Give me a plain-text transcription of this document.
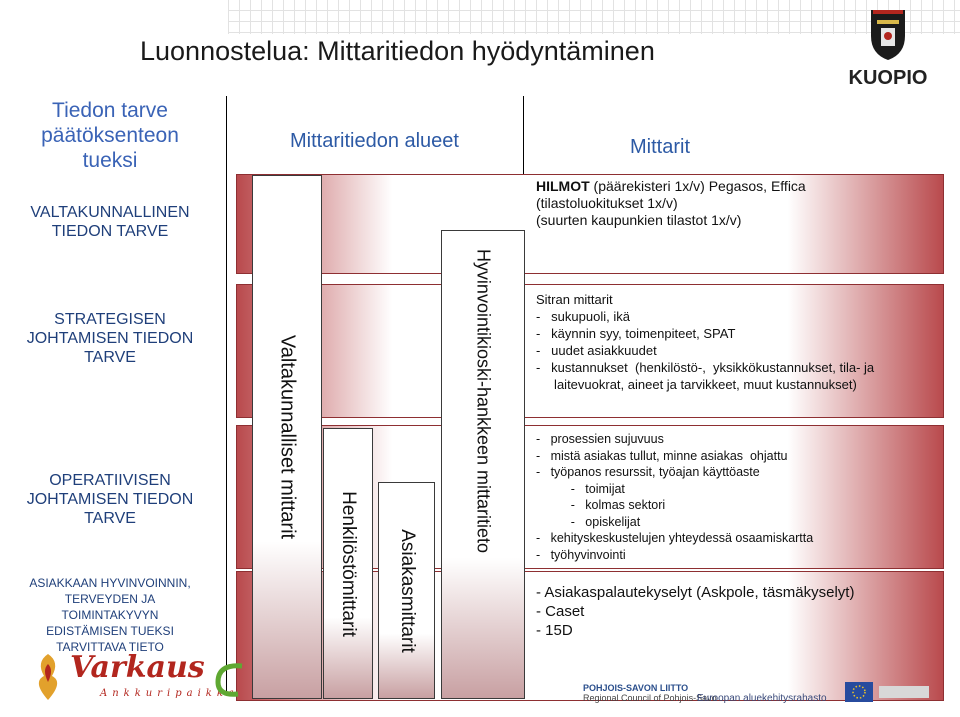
Luonnostelua: Mittaritiedon hyödyntäminen
KUOPIO
Tiedon tarve
päätöksenteon
tueksi
VALTAKUNNALLINEN
TIEDON TARVE
STRATEGISEN
JOHTAMISEN TIEDON
TARVE
OPERATIIVISEN
JOHTAMISEN TIEDON
TARVE
ASIAKKAAN HYVINVOINNIN,
TERVEYDEN JA
TOIMINTAKYVYN
EDISTÄMISEN TUEKSI
TARVITTAVA TIETO
Mittaritiedon alueet	Mittarit
Valtakunnalliset mittarit
Henkilöstömittarit Asiakasmittarit
Hyvinvointikioski-hankkeen mittaritieto
HILMOT (päärekisteri 1x/v) Pegasos, Effica
(tilastoluokitukset 1x/v)
(suurten kaupunkien tilastot 1x/v)
Sitran mittarit
-   sukupuoli, ikä
-   käynnin syy, toimenpiteet, SPAT
-   uudet asiakkuudet
-   kustannukset  (henkilöstö-,  yksikkökustannukset, tila- ja
laitevuokrat, aineet ja tarvikkeet, muut kustannukset)
-   prosessien sujuvuus
-   mistä asiakas tullut, minne asiakas  ohjattu
-   työpanos resurssit, työajan käyttöaste
-   toimijat
-   kolmas sektori
-   opiskelijat
-   kehityskeskustelujen yhteydessä osaamiskartta
-   työhyvinvointi
- Asiakaspalautekyselyt (Askpole, täsmäkyselyt)
- Caset
- 15D
Varkaus
Ankkuripaikka	POHJOIS-SAVON LIITTO
Regional Council of Pohjois-Savo
Euroopan aluekehitysrahasto
